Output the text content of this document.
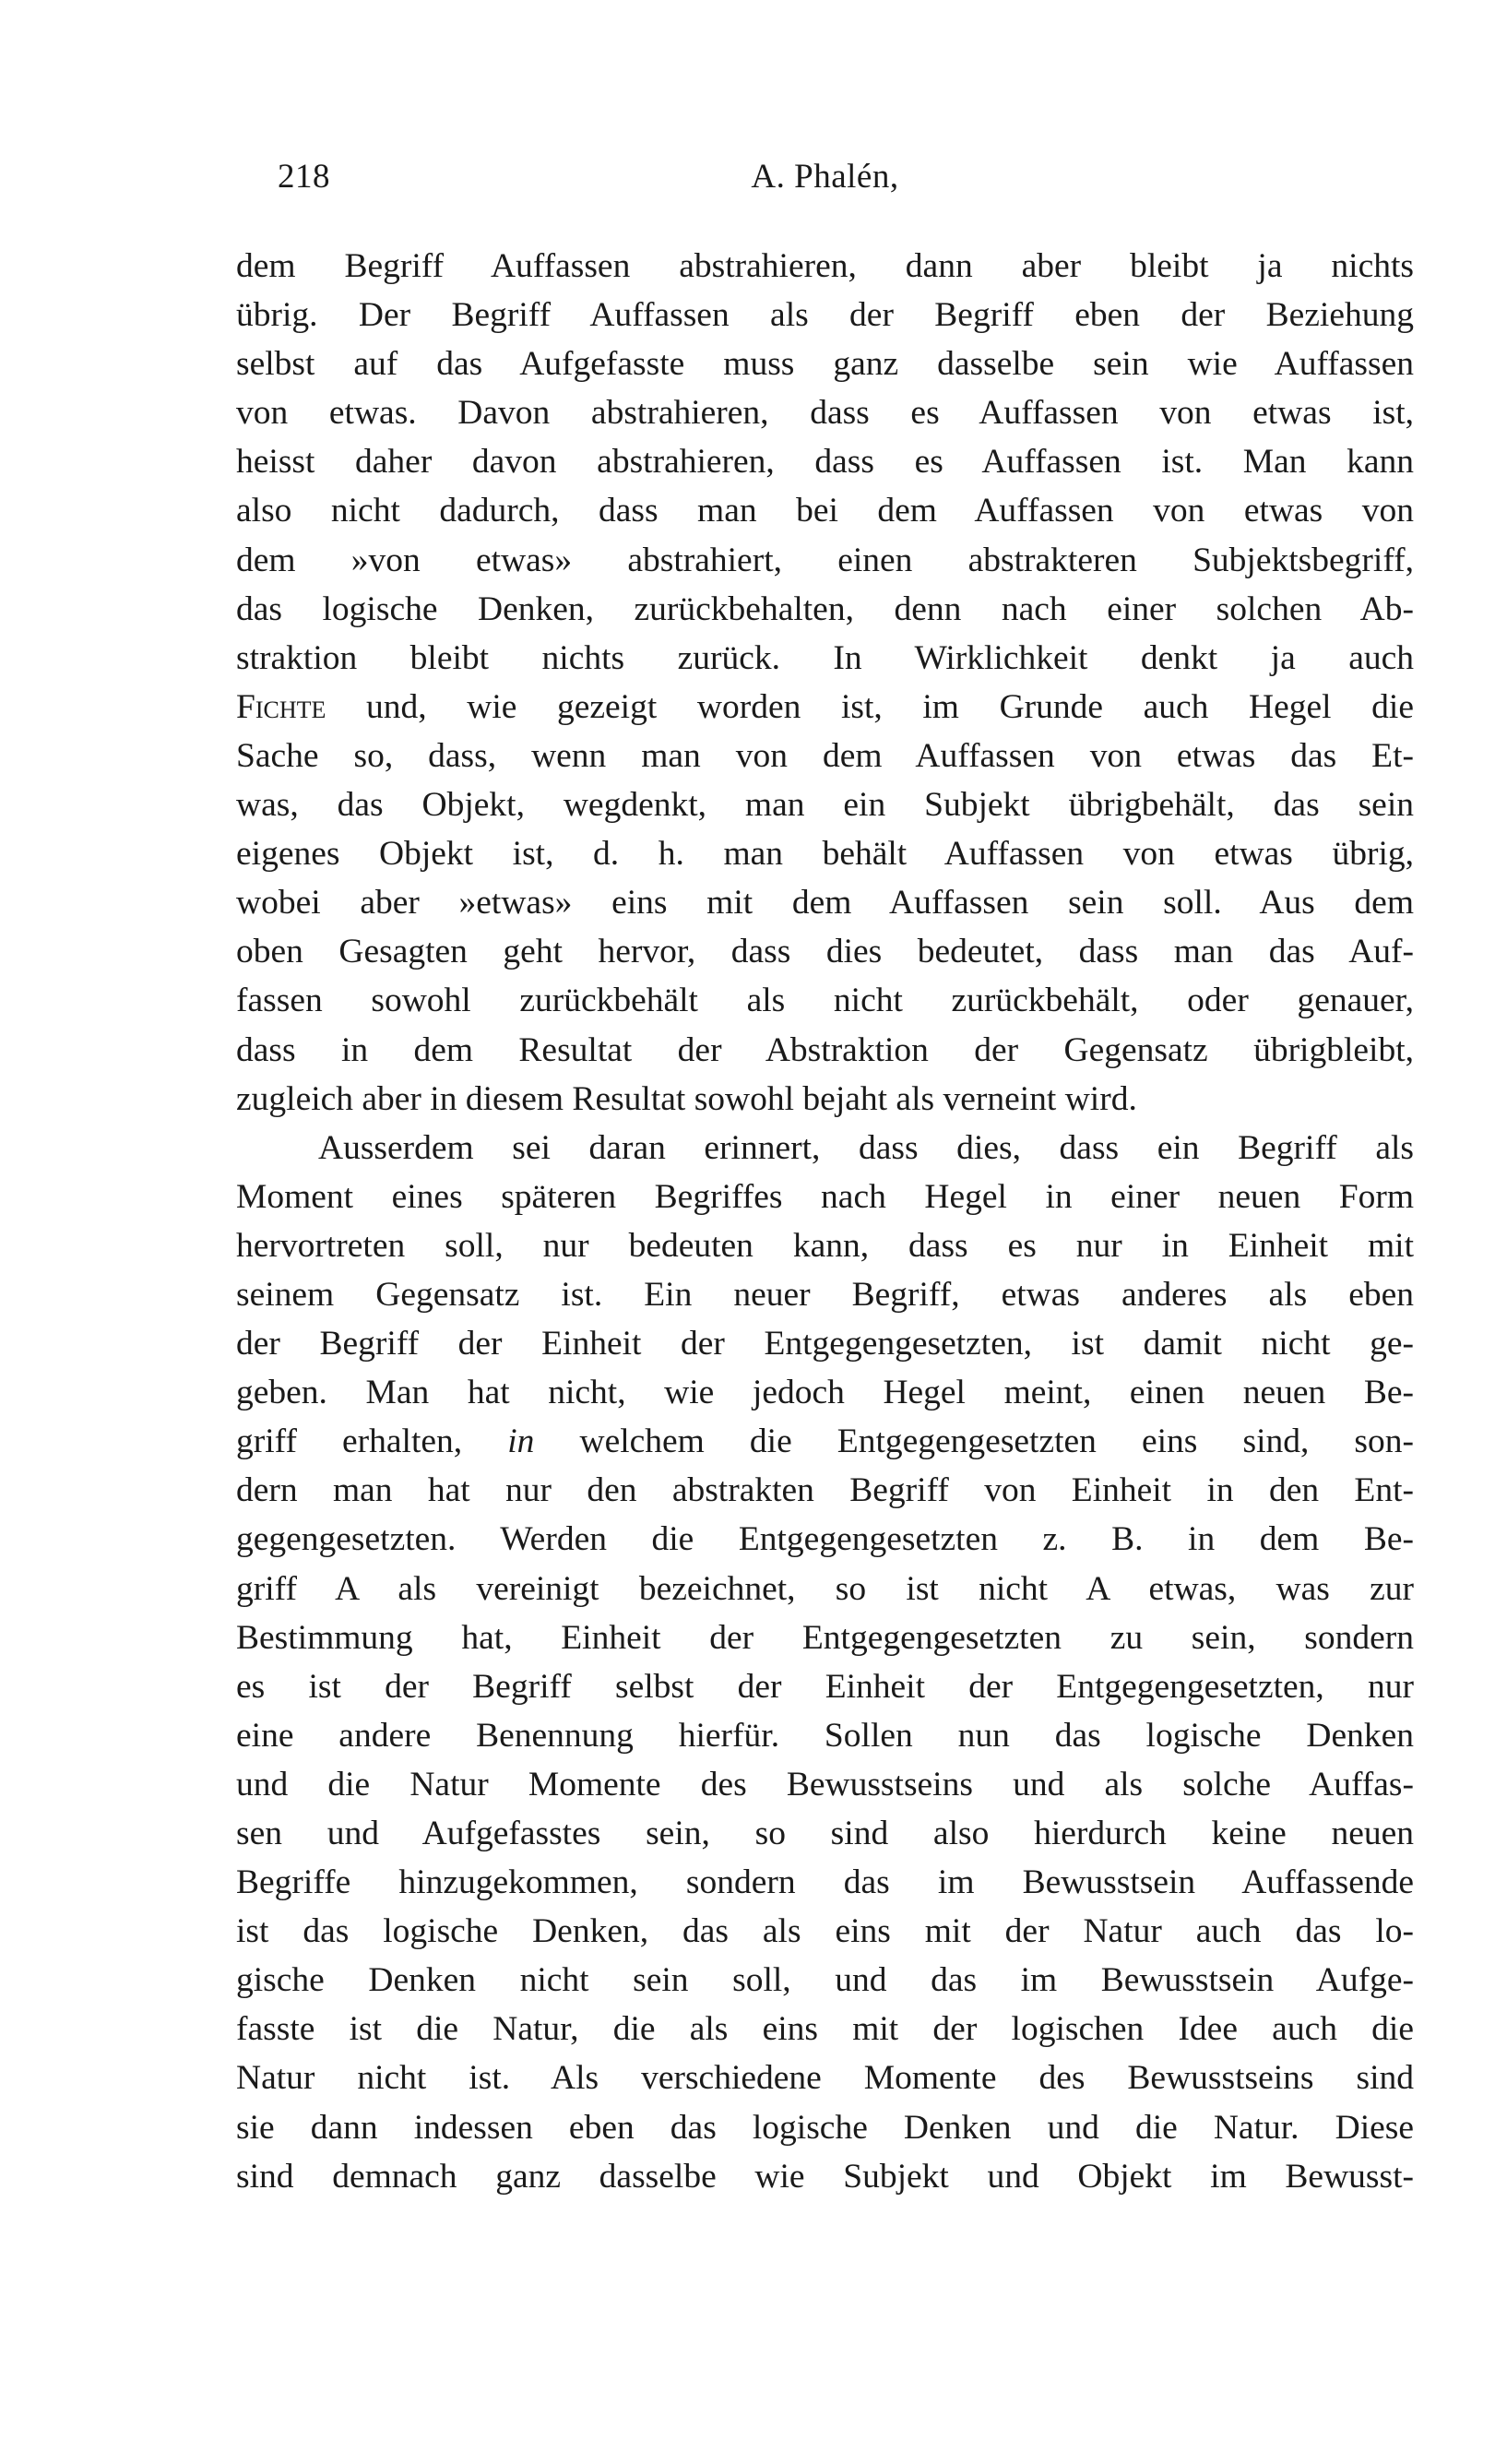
218	A. Phalén,
dem Begriff Auffassen abstrahieren, dann aber bleibt ja nichts
übrig. Der Begriff Auffassen als der Begriff eben der Beziehung
selbst auf das Aufgefasste muss ganz dasselbe sein wie Auffassen
von etwas. Davon abstrahieren, dass es Auffassen von etwas ist,
heisst daher davon abstrahieren, dass es Auffassen ist. Man kann
also nicht dadurch, dass man bei dem Auffassen von etwas von
dem »von etwas» abstrahiert, einen abstrakteren Subjektsbegriff,
das logische Denken, zurückbehalten, denn nach einer solchen Ab-
straktion bleibt nichts zurück. In Wirklichkeit denkt ja auch
Fichte und, wie gezeigt worden ist, im Grunde auch Hegel die
Sache so, dass, wenn man von dem Auffassen von etwas das Et-
was, das Objekt, wegdenkt, man ein Subjekt übrigbehält, das sein
eigenes Objekt ist, d. h. man behält Auffassen von etwas übrig,
wobei aber »etwas» eins mit dem Auffassen sein soll. Aus dem
oben Gesagten geht hervor, dass dies bedeutet, dass man das Auf-
fassen sowohl zurückbehält als nicht zurückbehält, oder genauer,
dass in dem Resultat der Abstraktion der Gegensatz übrigbleibt,
zugleich aber in diesem Resultat sowohl bejaht als verneint wird.
Ausserdem sei daran erinnert, dass dies, dass ein Begriff als
Moment eines späteren Begriffes nach Hegel in einer neuen Form
hervortreten soll, nur bedeuten kann, dass es nur in Einheit mit
seinem Gegensatz ist. Ein neuer Begriff, etwas anderes als eben
der Begriff der Einheit der Entgegengesetzten, ist damit nicht ge-
geben. Man hat nicht, wie jedoch Hegel meint, einen neuen Be-
griff erhalten, in welchem die Entgegengesetzten eins sind, son-
dern man hat nur den abstrakten Begriff von Einheit in den Ent-
gegengesetzten. Werden die Entgegengesetzten z. B. in dem Be-
griff A als vereinigt bezeichnet, so ist nicht A etwas, was zur
Bestimmung hat, Einheit der Entgegengesetzten zu sein, sondern
es ist der Begriff selbst der Einheit der Entgegengesetzten, nur
eine andere Benennung hierfür. Sollen nun das logische Denken
und die Natur Momente des Bewusstseins und als solche Auffas-
sen und Aufgefasstes sein, so sind also hierdurch keine neuen
Begriffe hinzugekommen, sondern das im Bewusstsein Auffassende
ist das logische Denken, das als eins mit der Natur auch das lo-
gische Denken nicht sein soll, und das im Bewusstsein Aufge-
fasste ist die Natur, die als eins mit der logischen Idee auch die
Natur nicht ist. Als verschiedene Momente des Bewusstseins sind
sie dann indessen eben das logische Denken und die Natur. Diese
sind demnach ganz dasselbe wie Subjekt und Objekt im Bewusst-
